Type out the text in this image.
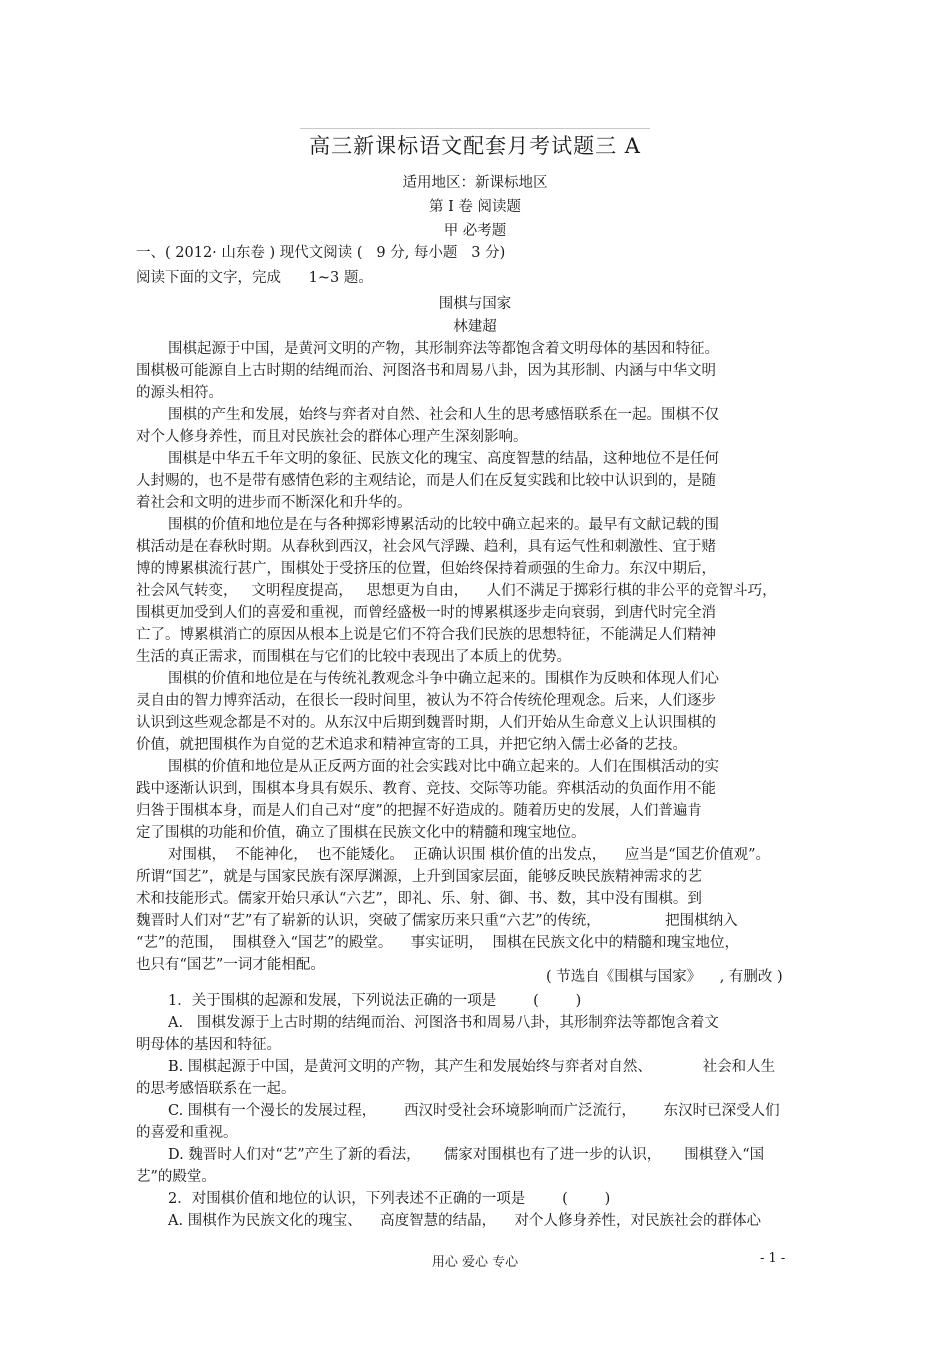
高三新课标语文配套月考试题三 A
适用地区：新课标地区
第 I 卷 阅读题
甲 必考题
一、( 2012· 山东卷 ) 现代文阅读 (   9 分, 每小题   3 分)
阅读下面的文字，完成      1~3 题。
围棋与国家
林建超
围棋起源于中国，是黄河文明的产物，其形制弈法等都饱含着文明母体的基因和特征。
围棋极可能源自上古时期的结绳而治、河图洛书和周易八卦，因为其形制、内涵与中华文明
的源头相符。
围棋的产生和发展，始终与弈者对自然、社会和人生的思考感悟联系在一起。围棋不仅
对个人修身养性，而且对民族社会的群体心理产生深刻影响。
围棋是中华五千年文明的象征、民族文化的瑰宝、高度智慧的结晶，这种地位不是任何
人封赐的，也不是带有感情色彩的主观结论，而是人们在反复实践和比较中认识到的，是随
着社会和文明的进步而不断深化和升华的。
围棋的价值和地位是在与各种掷彩博累活动的比较中确立起来的。最早有文献记载的围
棋活动是在春秋时期。从春秋到西汉，社会风气浮躁、趋利，具有运气性和刺激性、宜于赌
博的博累棋流行甚广，围棋处于受挤压的位置，但始终保持着顽强的生命力。东汉中期后，
社会风气转变，   文明程度提高，   思想更为自由，    人们不满足于掷彩行棋的非公平的竞智斗巧，
围棋更加受到人们的喜爱和重视，而曾经盛极一时的博累棋逐步走向衰弱，到唐代时完全消
亡了。博累棋消亡的原因从根本上说是它们不符合我们民族的思想特征，不能满足人们精神
生活的真正需求，而围棋在与它们的比较中表现出了本质上的优势。
围棋的价值和地位是在与传统礼教观念斗争中确立起来的。围棋作为反映和体现人们心
灵自由的智力博弈活动，在很长一段时间里，被认为不符合传统伦理观念。后来，人们逐步
认识到这些观念都是不对的。从东汉中后期到魏晋时期，人们开始从生命意义上认识围棋的
价值，就把围棋作为自觉的艺术追求和精神宣寄的工具，并把它纳入儒士必备的艺技。
围棋的价值和地位是从正反两方面的社会实践对比中确立起来的。人们在围棋活动的实
践中逐渐认识到，围棋本身具有娱乐、教育、竞技、交际等功能。弈棋活动的负面作用不能
归咎于围棋本身，而是人们自己对“度”的把握不好造成的。随着历史的发展，人们普遍肯
定了围棋的功能和价值，确立了围棋在民族文化中的精髓和瑰宝地位。
对围棋，  不能神化，  也不能矮化。  正确认识围 棋价值的出发点，    应当是“国艺价值观”。
所谓“国艺”，就是与国家民族有深厚渊源，上升到国家层面，能够反映民族精神需求的艺
术和技能形式。儒家开始只承认“六艺”，即礼、乐、射、御、书、数，其中没有围棋。到
魏晋时人们对“艺”有了崭新的认识，突破了儒家历来只重“六艺”的传统，              把围棋纳入
“艺”的范围，  围棋登入“国艺”的殿堂。    事实证明，  围棋在民族文化中的精髓和瑰宝地位，
也只有“国艺”一词才能相配。
( 节选自《围棋与国家》    , 有删改 )
1．关于围棋的起源和发展，下列说法正确的一项是        (        )
A.   围棋发源于上古时期的结绳而治、河图洛书和周易八卦，其形制弈法等都饱含着文
明母体的基因和特征。
B. 围棋起源于中国，是黄河文明的产物，其产生和发展始终与弈者对自然、           社会和人生
的思考感悟联系在一起。
C. 围棋有一个漫长的发展过程，      西汉时受社会环境影响而广泛流行，      东汉时已深受人们
的喜爱和重视。
D. 魏晋时人们对“艺”产生了新的看法，     儒家对围棋也有了进一步的认识，     围棋登入“国
艺”的殿堂。
2．对围棋价值和地位的认识，下列表述不正确的一项是        (        )
A. 围棋作为民族文化的瑰宝、    高度智慧的结晶，    对个人修身养性，对民族社会的群体心
用心 爱心 专心	- 1 -
